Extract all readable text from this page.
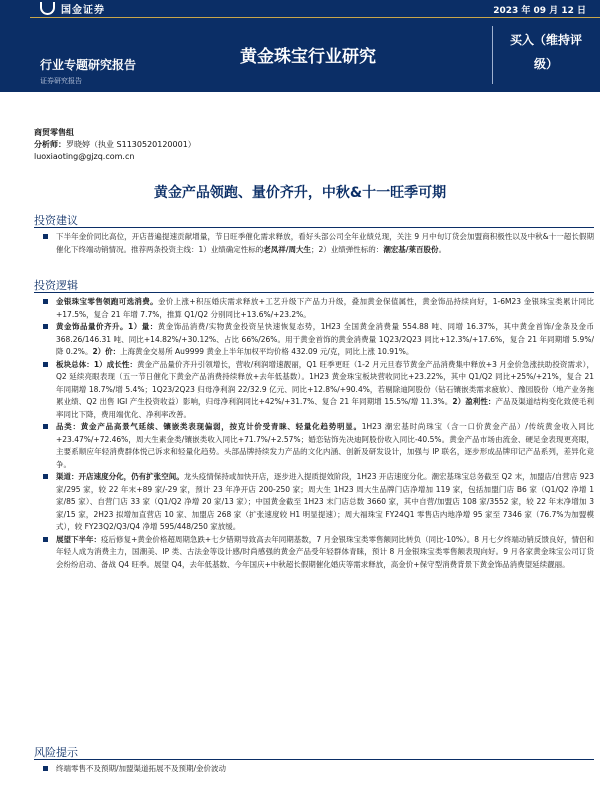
国金证券	2023 年 09 月 12 日
行业专题研究报告
证券研究报告
黄金珠宝行业研究
买入（维持评
级）
商贸零售组
分析师：罗晓婷（执业 S1130520120001）
luoxiaoting@gjzq.com.cn
黄金产品领跑、量价齐升，中秋&十一旺季可期
投资建议
下半年金价同比高位，开店普遍提速贡献增量，节日旺季催化需求释放，看好头部公司全年业绩兑现，关注 9 月中旬订货会加盟商积极性以及中秋&十一超长假期催化下终端动销情况。推荐两条投资主线：1）业绩确定性标的老凤祥/周大生；2）业绩弹性标的：潮宏基/莱百股份。
投资逻辑
金银珠宝零售领跑可选消费。金价上涨+积压婚庆需求释放+工艺升级下产品力升级，叠加黄金保值属性，黄金饰品持续向好，1-6M23 金银珠宝类累计同比+17.5%，复合 21 年增 7.7%，推算 Q1/Q2 分别同比+13.6%/+23.2%。
黄金饰品量价齐升。1）量：黄金饰品消费/实物黄金投资呈快速恢复态势，1H23 全国黄金消费量 554.88 吨、同增 16.37%，其中黄金首饰/金条及金币 368.26/146.31 吨、同比+14.82%/+30.12%、占比 66%/26%。用于黄金首饰的黄金消费量 1Q23/2Q23 同比+12.3%/+17.6%，复合 21 年同期增 5.9%/降 0.2%。2）价：上海黄金交易所 Au9999 黄金上半年加权平均价格 432.09 元/克，同比上涨 10.91%。
板块总体：1）成长性：黄金产品量价齐升引领增长，营收/利润增速靓丽，Q1 旺季更旺（1-2 月元旦春节黄金产品消费集中释放+3 月金价急涨扶助投资需求），Q2 延续亮眼表现（五一节日催化下黄金产品消费持续释放+去年低基数）。1H23 黄金珠宝板块营收同比+23.22%，其中 Q1/Q2 同比+25%/+21%，复合 21 年同期增 18.7%/增 5.4%；1Q23/2Q23 归母净利润 22/32.9 亿元、同比+12.8%/+90.4%，若剔除迪阿股份（钻石镶嵌类需求疲软）、豫园股份（地产业务拖累业绩、Q2 出售 IGI 产生投资收益）影响，归母净利润同比+42%/+31.7%、复合 21 年同期增 15.5%/增 11.3%。2）盈利性：产品及渠道结构变化致使毛利率同比下降，费用端优化、净利率改善。
品类：黄金产品高景气延续、镶嵌类表现偏弱，按克计价受青睐、轻量化趋势明显。1H23 潮宏基时尚珠宝（含一口价黄金产品）/传统黄金收入同比+23.47%/+72.46%，周大生素金类/镶嵌类收入同比+71.7%/+2.57%；婚恋钻饰先决迪阿股份收入同比-40.5%。黄金产品市场由流金、硬足金表现更亮眼，主要系顺应年轻消费群体悦己诉求和轻量化趋势。头部品牌持续发力产品的文化内涵、创新及研发设计，加强与 IP 联名，逐步形成品牌印记产品系列，差异化竞争。
渠道：开店速度分化，仍有扩张空间。龙头疫情保持或加快开店，逐步进入提质提效阶段，1H23 开店速度分化。潮宏基珠宝总务截至 Q2 末，加盟店/自营店 923 家/295 家，较 22 年末+89 家/-29 家，预计 23 年净开店 200-250 家；周大生 1H23 周大生品牌门店净增加 119 家，包括加盟门店 B6 家（Q1/Q2 净增 1 家/85 家）、自营门店 33 家（Q1/Q2 净增 20 家/13 家）；中国黄金截至 1H23 末门店总数 3660 家，其中自营/加盟店 108 家/3552 家，较 22 年末净增加 3 家/15 家，2H23 拟增加直营店 10 家、加盟店 268 家（扩张速度较 H1 明显提速）；周大福珠宝 FY24Q1 零售店内地净增 95 家至 7346 家（76.7%为加盟模式），较 FY23Q2/Q3/Q4 净增 595/448/250 家放缓。
展望下半年：疫后修复+黄金价格超周期急跌+七夕错期导致高去年同期基数，7 月金银珠宝类零售额同比转负（同比-10%）。8 月七夕终端动销反馈良好，情侣和年轻人成为消费主力，国潮美、IP 类、古法金等设计感/时尚感强的黄金产品受年轻群体青睐，预计 8 月金银珠宝类零售额表现向好。9 月各家黄金珠宝公司订货会纷纷启动、备战 Q4 旺季。展望 Q4，去年低基数、今年国庆+中秋超长假期催化婚庆等需求释放，高金价+保守型消费背景下黄金饰品消费望延续靓丽。
风险提示
终端零售不及预期/加盟渠道拓展不及预期/金价波动
